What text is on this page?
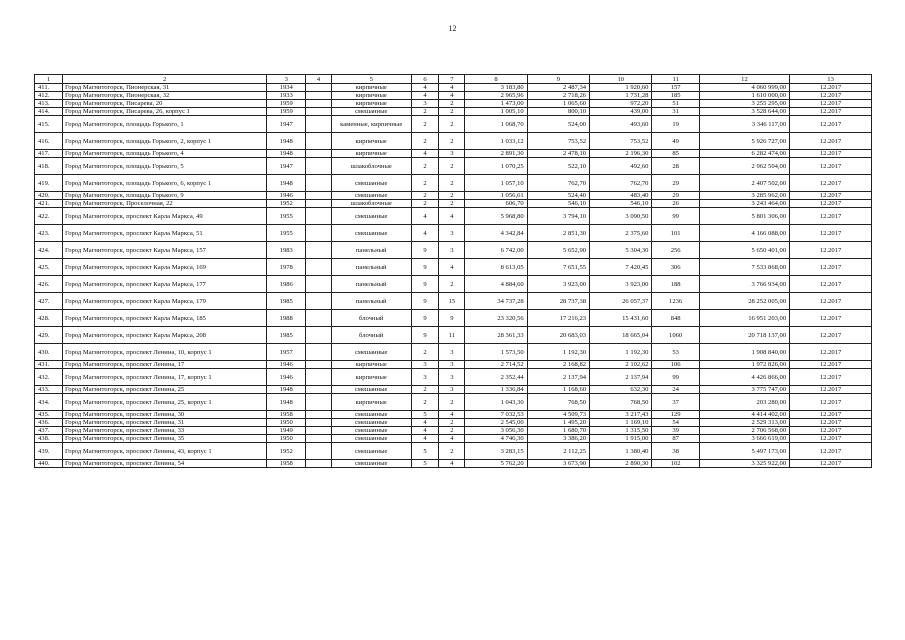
12
1	2	3	4	5	6	7	8	9	10	11	12	13
411.	Город Магнитогорск, Пионерская, 31	1934		кирпичные	4	4	3 183,80	2 487,34	1 920,60	157	4 060 999,00	12.2017
412.	Город Магнитогорск, Пионерская, 32	1933		кирпичные	4	4	2 965,96	2 718,26	1 731,28	185	1 610 000,00	12.2017
413.	Город Магнитогорск, Писарева, 20	1959		кирпичные	3	2	1 473,00	1 065,60	972,20	51	3 255 295,00	12.2017
414.	Город Магнитогорск, Писарева, 26, корпус 1	1959		смешанные	2	2	1 005,10	800,10	439,00	31	3 528 644,00	12.2017
415.	Город Магнитогорск, площадь Горького, 1	1947		каменные, кирпичные	2	2	1 068,70	524,00	493,60	19	3 346 117,00	12.2017
416.	Город Магнитогорск, площадь Горького, 2, корпус 1	1948		кирпичные	2	2	1 033,12	753,52	753,52	49	5 926 727,00	12.2017
417.	Город Магнитогорск, площадь Горького, 4	1948		кирпичные	4	3	2 891,30	2 478,10	2 196,30	85	6 282 474,00	12.2017
418.	Город Магнитогорск, площадь Горького, 5	1947		шлакоблочные	2	2	1 070,25	522,10	492,60	28	2 962 504,00	12.2017
419.	Город Магнитогорск, площадь Горького, 6, корпус 1	1948		смешанные	2	2	1 057,10	762,70	762,70	29	2 407 502,00	12.2017
420.	Город Магнитогорск, площадь Горького, 9	1946		смешанные	2	2	1 056,61	524,40	483,40	29	3 285 962,00	12.2017
421.	Город Магнитогорск, Проселочная, 22	1952		шлакоблочные	2	2	606,70	546,10	546,10	26	3 243 464,00	12.2017
422.	Город Магнитогорск, проспект Карла Маркса, 49	1955		смешанные	4	4	5 968,80	3 794,10	3 090,50	99	5 801 306,00	12.2017
423.	Город Магнитогорск, проспект Карла Маркса, 51	1955		смешанные	4	3	4 342,84	2 851,30	2 375,60	101	4 166 088,00	12.2017
424.	Город Магнитогорск, проспект Карла Маркса, 157	1983		панельный	9	3	6 742,00	5 652,90	5 304,30	256	5 650 401,00	12.2017
425.	Город Магнитогорск, проспект Карла Маркса, 169	1978		панельный	9	4	8 613,05	7 651,55	7 420,45	306	7 533 868,00	12.2017
426.	Город Магнитогорск, проспект Карла Маркса, 177	1986		панельный	9	2	4 884,60	3 923,00	3 923,00	188	3 766 934,00	12.2017
427.	Город Магнитогорск, проспект Карла Маркса, 179	1985		панельный	9	15	34 737,28	28 737,38	26 057,37	1236	28 252 005,00	12.2017
428.	Город Магнитогорск, проспект Карла Маркса, 185	1988		блочный	9	9	23 320,56	17 216,23	15 431,60	848	16 951 203,00	12.2017
429.	Город Магнитогорск, проспект Карла Маркса, 208	1985		блочный	9	11	28 361,33	20 683,03	18 665,04	1060	20 718 137,00	12.2017
430.	Город Магнитогорск, проспект Ленина, 10, корпус 1	1957		смешанные	2	3	1 573,50	1 192,30	1 192,30	53	1 908 840,00	12.2017
431.	Город Магнитогорск, проспект Ленина, 17	1946		кирпичные	3	3	2 714,52	2 168,82	2 102,62	106	1 972 826,00	12.2017
432.	Город Магнитогорск, проспект Ленина, 17, корпус 1	1946		кирпичные	3	3	2 352,44	2 137,94	2 137,94	99	4 426 866,00	12.2017
433.	Город Магнитогорск, проспект Ленина, 25	1948		смешанные	2	3	1 336,84	1 168,60	632,30	24	3 775 747,00	12.2017
434.	Город Магнитогорск, проспект Ленина, 25, корпус 1	1948		кирпичные	2	2	1 043,30	768,50	768,50	37	203 280,00	12.2017
435.	Город Магнитогорск, проспект Ленина, 30	1958		смешанные	5	4	7 032,53	4 509,73	3 217,43	129	4 414 402,00	12.2017
436.	Город Магнитогорск, проспект Ленина, 31	1950		смешанные	4	2	2 545,00	1 495,20	1 169,10	54	2 529 313,00	12.2017
437.	Город Магнитогорск, проспект Ленина, 33	1949		смешанные	4	2	3 056,30	1 680,70	1 315,50	39	2 706 568,00	12.2017
438.	Город Магнитогорск, проспект Ленина, 35	1950		смешанные	4	4	4 746,30	3 386,20	1 915,00	87	3 666 619,00	12.2017
439.	Город Магнитогорск, проспект Ленина, 43, корпус 1	1952		смешанные	5	2	3 283,15	2 112,25	1 380,40	38	5 497 173,00	12.2017
440.	Город Магнитогорск, проспект Ленина, 54	1958		смешанные	5	4	5 762,20	3 673,90	2 890,30	102	3 325 922,00	12.2017
